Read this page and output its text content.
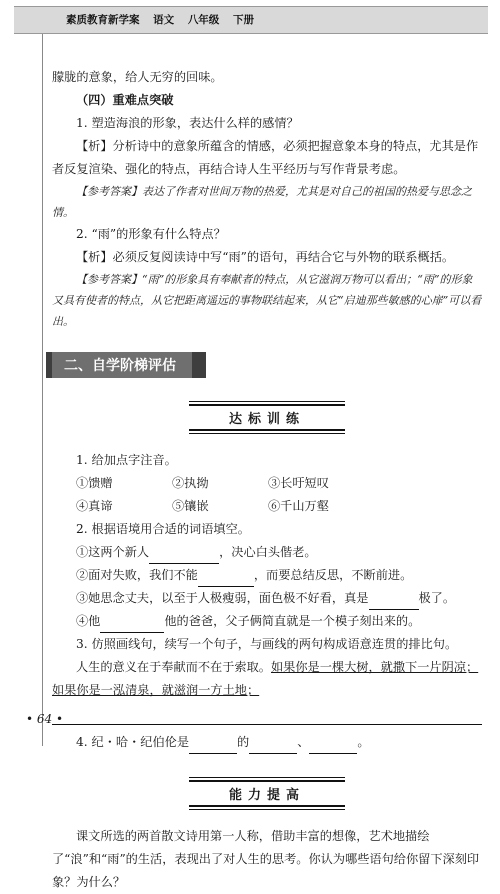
素质教育新学案 语文 八年级 下册

朦胧的意象，给人无穷的回味。

（四）重难点突破

1. 塑造海浪的形象，表达什么样的感情？

【析】分析诗中的意象所蕴含的情感，必须把握意象本身的特点，尤其是作者反复渲染、强化的特点，再结合诗人生平经历与写作背景考虑。

【参考答案】表达了作者对世间万物的热爱，尤其是对自己的祖国的热爱与思念之情。

2. “雨”的形象有什么特点？

【析】必须反复阅读诗中写“雨”的语句，再结合它与外物的联系概括。

【参考答案】“雨”的形象具有奉献者的特点，从它滋润万物可以看出；“雨”的形象又具有使者的特点，从它把距离遥远的事物联结起来，从它“启迪那些敏感的心扉”可以看出。

二、自学阶梯评估
达标训练

1. 给加点字注音。

①馈赠	②执拗	③长吁短叹
④真谛	⑤镶嵌	⑥千山万壑

2. 根据语境用合适的词语填空。

①这两个新人	，决心白头偕老。

②面对失败，我们不能	，而要总结反思，不断前进。

③她思念丈夫，以至于人极瘦弱，面色极不好看，真是	极了。

④他	他的爸爸，父子俩简直就是一个模子刻出来的。

3. 仿照画线句，续写一个句子，与画线的两句构成语意连贯的排比句。

人生的意义在于奉献而不在于索取。如果你是一棵大树，就撒下一片阴凉；如果你是一泓清泉，就滋润一方土地；

4. 纪・哈・纪伯伦是	的	、	。

能力提高

课文所选的两首散文诗用第一人称，借助丰富的想像，艺术地描绘了“浪”和“雨”的生活，表现出了对人生的思考。你认为哪些语句给你留下深刻印象？为什么？

• 64 •
